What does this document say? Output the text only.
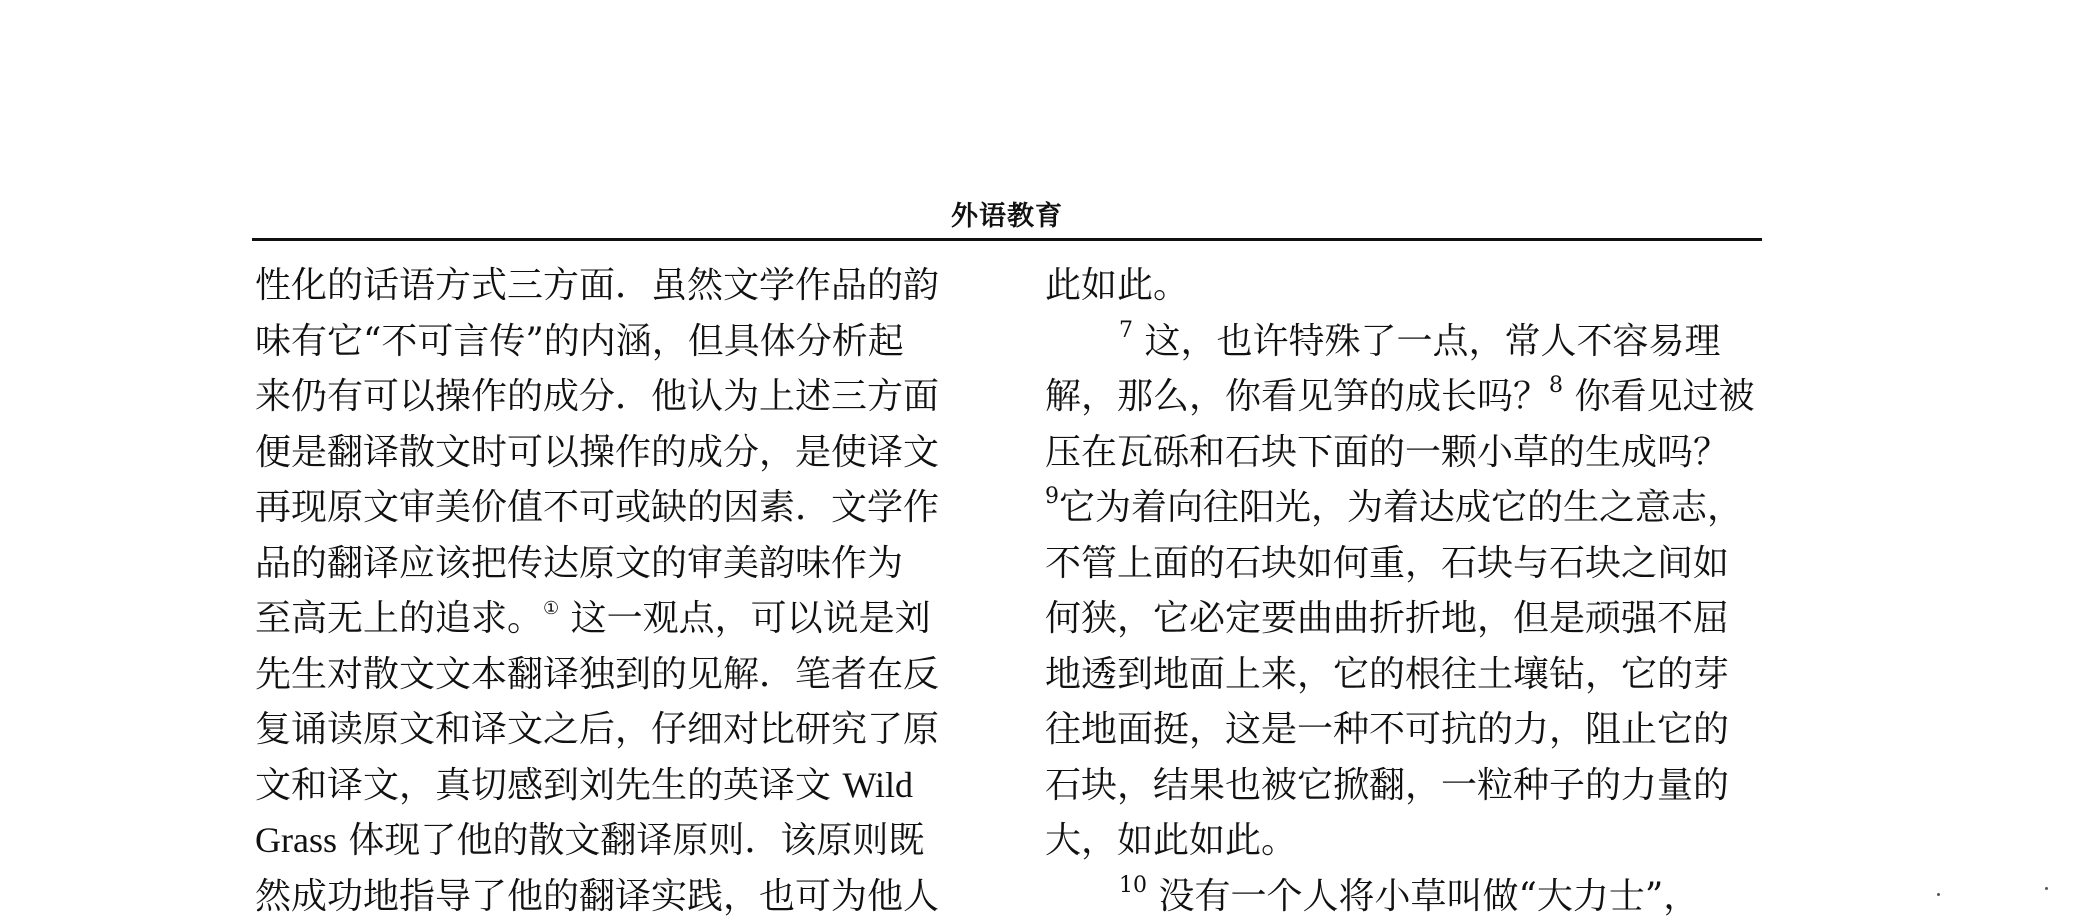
外语教育
性化的话语方式三方面．虽然文学作品的韵
味有它“不可言传”的内涵，但具体分析起
来仍有可以操作的成分．他认为上述三方面
便是翻译散文时可以操作的成分，是使译文
再现原文审美价值不可或缺的因素．文学作
品的翻译应该把传达原文的审美韵味作为
至高无上的追求。① 这一观点，可以说是刘
先生对散文文本翻译独到的见解．笔者在反
复诵读原文和译文之后，仔细对比研究了原
文和译文，真切感到刘先生的英译文 Wild
Grass 体现了他的散文翻译原则．该原则既
然成功地指导了他的翻译实践，也可为他人
此如此。
$^7$ 这，也许特殊了一点，常人不容易理
解，那么，你看见笋的成长吗？$^8$ 你看见过被
压在瓦砾和石块下面的一颗小草的生成吗？
$^9$它为着向往阳光，为着达成它的生之意志，
不管上面的石块如何重，石块与石块之间如
何狭，它必定要曲曲折折地，但是顽强不屈
地透到地面上来，它的根往土壤钻，它的芽
往地面挺，这是一种不可抗的力，阻止它的
石块，结果也被它掀翻，一粒种子的力量的
大，如此如此。
$^{10}$ 没有一个人将小草叫做“大力士”，
